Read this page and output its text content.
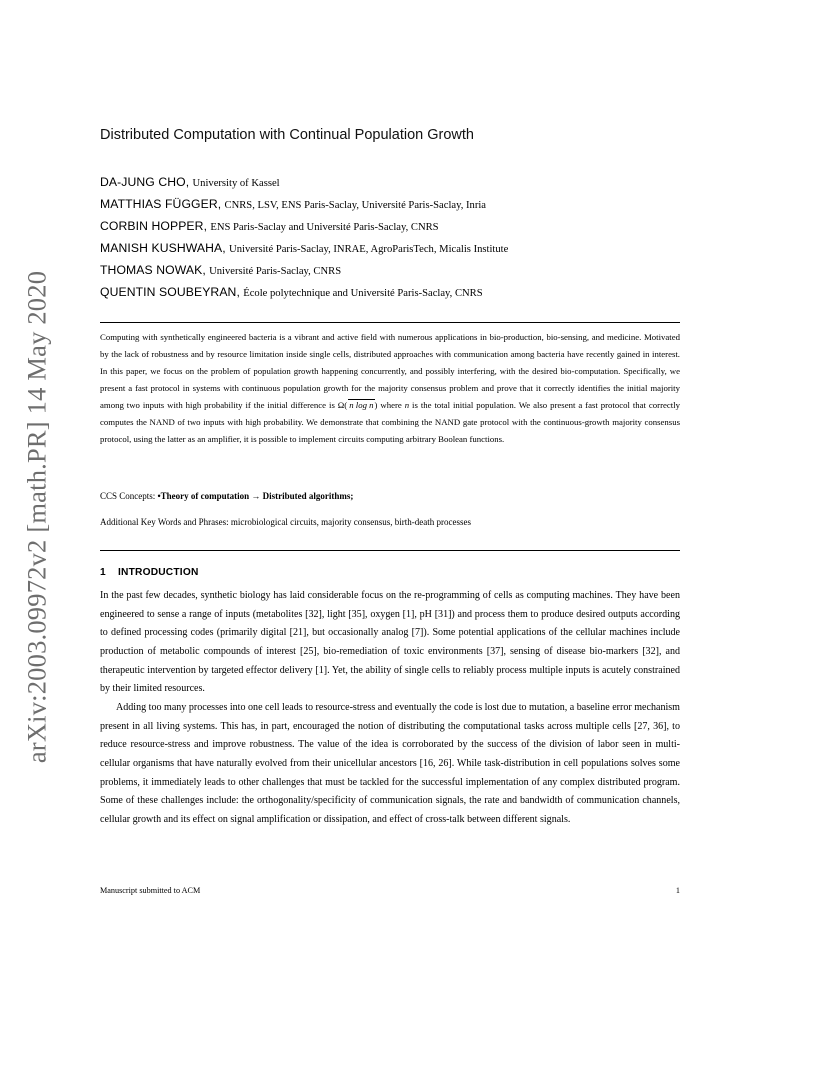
arXiv:2003.09972v2 [math.PR] 14 May 2020
Distributed Computation with Continual Population Growth
DA-JUNG CHO, University of Kassel
MATTHIAS FÜGGER, CNRS, LSV, ENS Paris-Saclay, Université Paris-Saclay, Inria
CORBIN HOPPER, ENS Paris-Saclay and Université Paris-Saclay, CNRS
MANISH KUSHWAHA, Université Paris-Saclay, INRAE, AgroParisTech, Micalis Institute
THOMAS NOWAK, Université Paris-Saclay, CNRS
QUENTIN SOUBEYRAN, École polytechnique and Université Paris-Saclay, CNRS

Computing with synthetically engineered bacteria is a vibrant and active field with numerous applications in bio-production, bio-sensing, and medicine. Motivated by the lack of robustness and by resource limitation inside single cells, distributed approaches with communication among bacteria have recently gained in interest. In this paper, we focus on the problem of population growth happening concurrently, and possibly interfering, with the desired bio-computation. Specifically, we present a fast protocol in systems with continuous population growth for the majority consensus problem and prove that it correctly identifies the initial majority among two inputs with high probability if the initial difference is Ω( n log n) where n is the total initial population. We also present a fast protocol that correctly computes the NAND of two inputs with high probability. We demonstrate that combining the NAND gate protocol with the continuous-growth majority consensus protocol, using the latter as an amplifier, it is possible to implement circuits computing arbitrary Boolean functions.

CCS Concepts: •Theory of computation → Distributed algorithms;

Additional Key Words and Phrases: microbiological circuits, majority consensus, birth-death processes

1 INTRODUCTION

In the past few decades, synthetic biology has laid considerable focus on the re-programming of cells as computing machines. They have been engineered to sense a range of inputs (metabolites [32], light [35], oxygen [1], pH [31]) and process them to produce desired outputs according to defined processing codes (primarily digital [21], but occasionally analog [7]). Some potential applications of the cellular machines include production of metabolic compounds of interest [25], bio-remediation of toxic environments [37], sensing of disease bio-markers [32], and therapeutic intervention by targeted effector delivery [1]. Yet, the ability of single cells to reliably process multiple inputs is acutely constrained by their limited resources.

Adding too many processes into one cell leads to resource-stress and eventually the code is lost due to mutation, a baseline error mechanism present in all living systems. This has, in part, encouraged the notion of distributing the computational tasks across multiple cells [27, 36], to reduce resource-stress and improve robustness. The value of the idea is corroborated by the success of the division of labor seen in multi-cellular organisms that have naturally evolved from their unicellular ancestors [16, 26]. While task-distribution in cell populations solves some problems, it immediately leads to other challenges that must be tackled for the successful implementation of any complex distributed program. Some of these challenges include: the orthogonality/specificity of communication signals, the rate and bandwidth of communication channels, cellular growth and its effect on signal amplification or dissipation, and effect of cross-talk between different signals.

Manuscript submitted to ACM	1
